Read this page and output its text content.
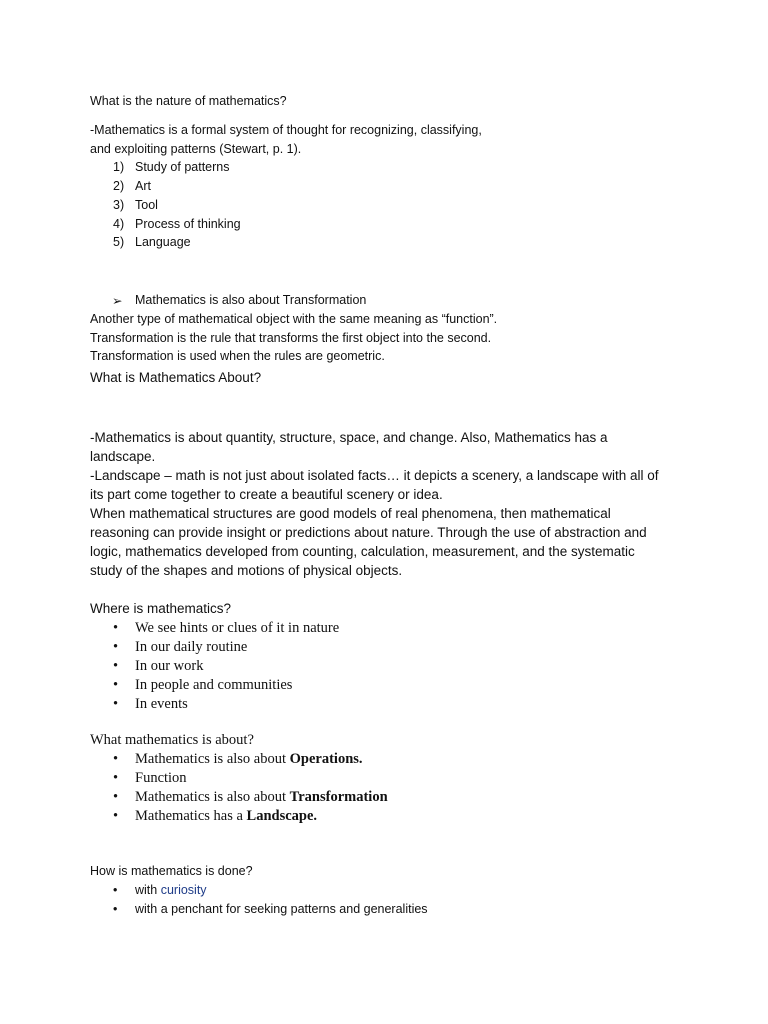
What is the nature of mathematics?
-Mathematics is a formal system of thought for recognizing, classifying,
and exploiting patterns (Stewart, p. 1).
1) Study of patterns
2) Art
3) Tool
4) Process of thinking
5) Language
➢ Mathematics is also about Transformation
Another type of mathematical object with the same meaning as “function”.
Transformation is the rule that transforms the first object into the second.
Transformation is used when the rules are geometric.
What is Mathematics About?
-Mathematics is about quantity, structure, space, and change. Also, Mathematics has a
landscape.
-Landscape – math is not just about isolated facts… it depicts a scenery, a landscape with all of
its part come together to create a beautiful scenery or idea.
When mathematical structures are good models of real phenomena, then mathematical
reasoning can provide insight or predictions about nature. Through the use of abstraction and
logic, mathematics developed from counting, calculation, measurement, and the systematic
study of the shapes and motions of physical objects.
Where is mathematics?
• We see hints or clues of it in nature
• In our daily routine
• In our work
• In people and communities
• In events
What mathematics is about?
• Mathematics is also about Operations.
• Function
• Mathematics is also about Transformation
• Mathematics has a Landscape.
How is mathematics is done?
• with curiosity
• with a penchant for seeking patterns and generalities
